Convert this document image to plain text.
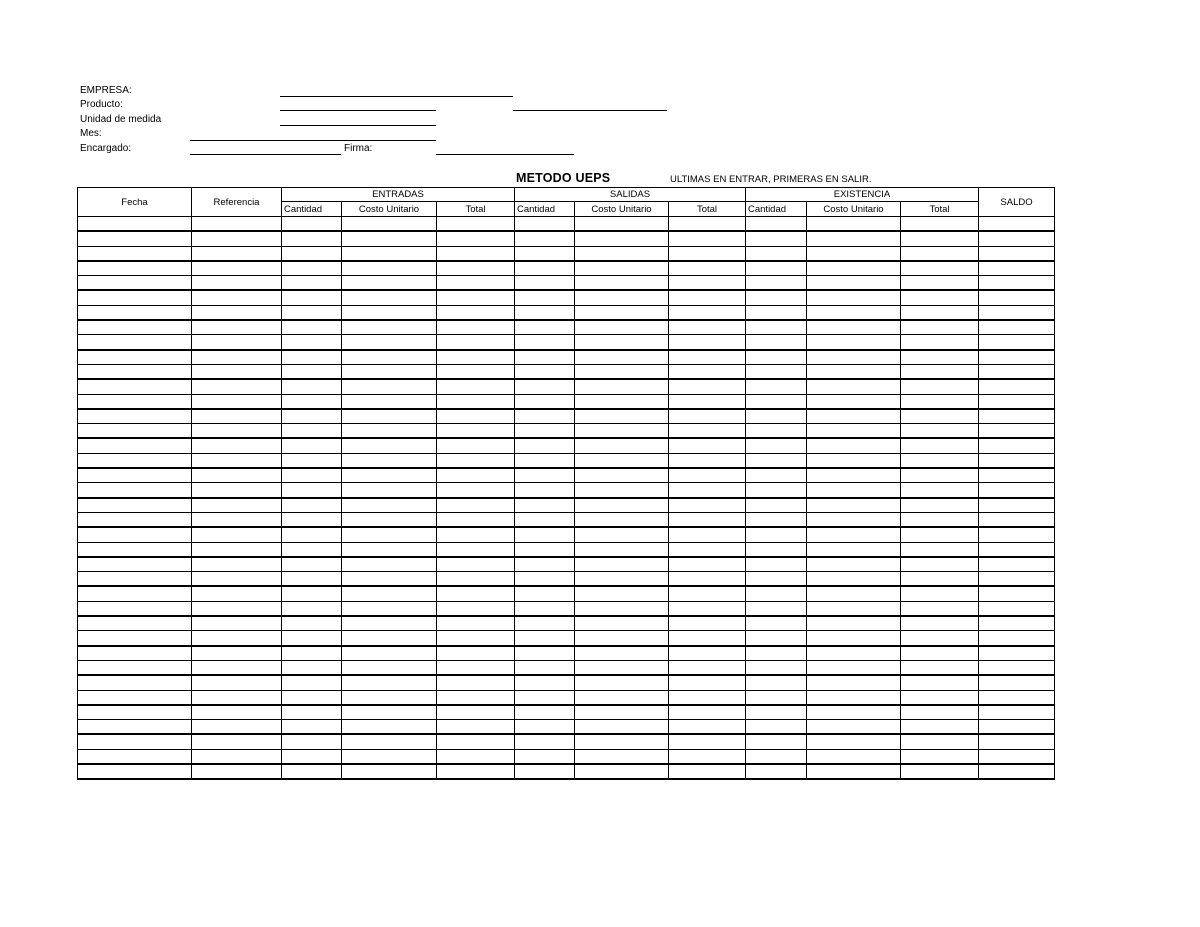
EMPRESA:
Producto:
Unidad de medida
Mes:
Encargado:	Firma:
METODO UEPS	ULTIMAS EN ENTRAR, PRIMERAS EN SALIR.
Fecha	Referencia	ENTRADAS			SALIDAS			EXISTENCIA			SALDO
		Cantidad	Costo Unitario	Total	Cantidad	Costo Unitario	Total	Cantidad	Costo Unitario	Total	
